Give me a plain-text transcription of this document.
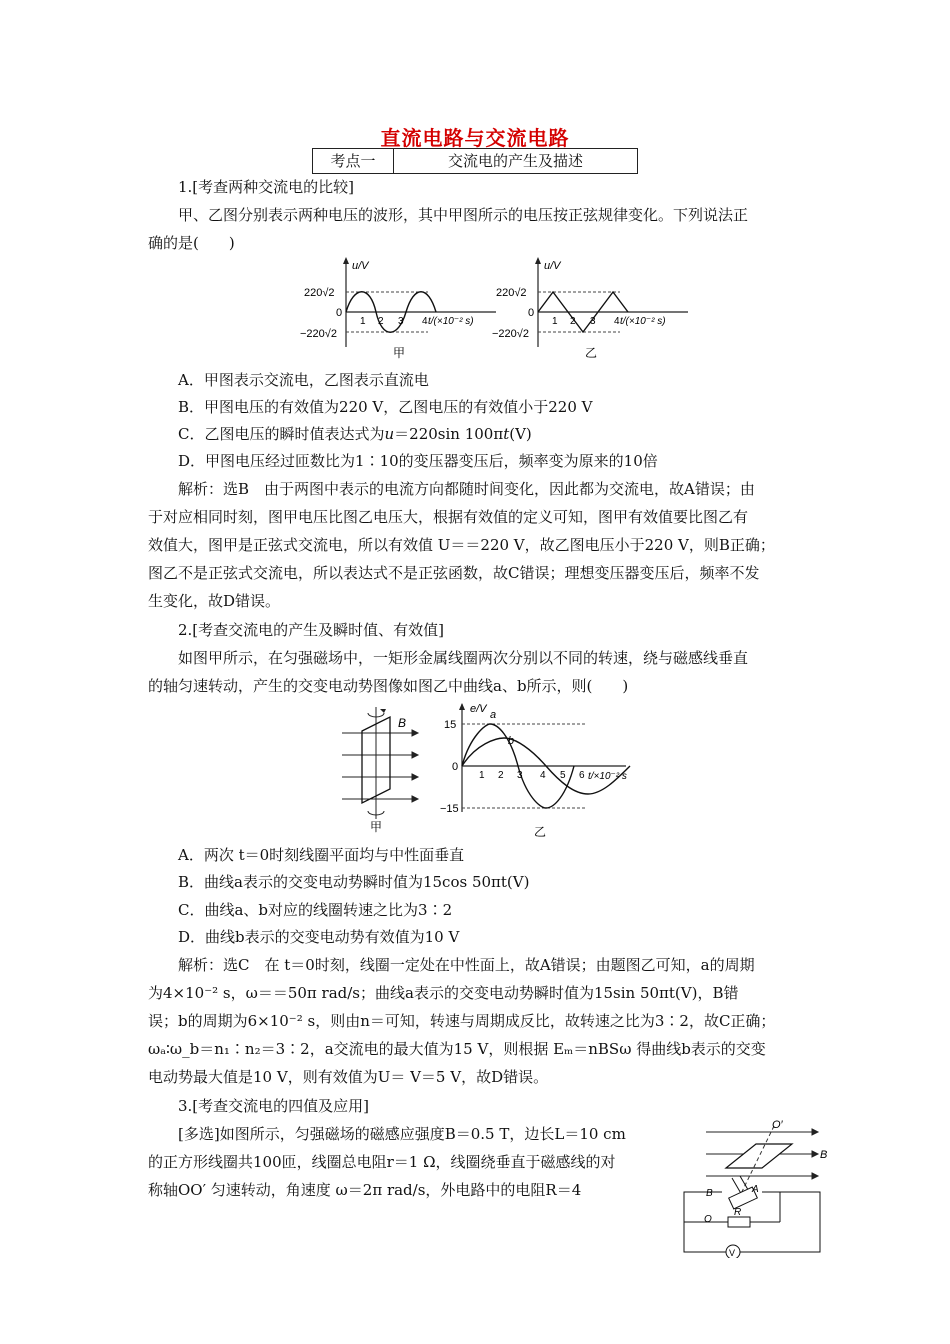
直流电路与交流电路
考点一	交流电的产生及描述
1.[考查两种交流电的比较]
甲、乙图分别表示两种电压的波形，其中甲图所示的电压按正弦规律变化。下列说法正
确的是(　　)
u/V
220√2
0
−220√2
1 2 3 4 t/(×10⁻² s)
甲
u/V
220√2
0
−220√2
1 2 3 4 t/(×10⁻² s)
乙
A．甲图表示交流电，乙图表示直流电
B．甲图电压的有效值为220 V，乙图电压的有效值小于220 V
C．乙图电压的瞬时值表达式为u＝220sin 100πt(V)
D．甲图电压经过匝数比为1∶10的变压器变压后，频率变为原来的10倍
解析：选B　由于两图中表示的电流方向都随时间变化，因此都为交流电，故A错误；由
于对应相同时刻，图甲电压比图乙电压大，根据有效值的定义可知，图甲有效值要比图乙有
效值大，图甲是正弦式交流电，所以有效值 U＝＝220 V，故乙图电压小于220 V，则B正确；
图乙不是正弦式交流电，所以表达式不是正弦函数，故C错误；理想变压器变压后，频率不发
生变化，故D错误。
2.[考查交流电的产生及瞬时值、有效值]
如图甲所示，在匀强磁场中，一矩形金属线圈两次分别以不同的转速，绕与磁感线垂直
的轴匀速转动，产生的交变电动势图像如图乙中曲线a、b所示，则(　　)
B
甲
e/V
15
0
−15
a
b
1 2 3 4 5 6 t/×10⁻² s
乙
A．两次 t＝0时刻线圈平面均与中性面垂直
B．曲线a表示的交变电动势瞬时值为15cos 50πt(V)
C．曲线a、b对应的线圈转速之比为3∶2
D．曲线b表示的交变电动势有效值为10 V
解析：选C　在 t＝0时刻，线圈一定处在中性面上，故A错误；由题图乙可知，a的周期
为4×10⁻² s，ω＝＝50π rad/s；曲线a表示的交变电动势瞬时值为15sin 50πt(V)，B错
误；b的周期为6×10⁻² s，则由n＝可知，转速与周期成反比，故转速之比为3∶2，故C正确；
ωₐ∶ω_b＝n₁∶n₂＝3∶2，a交流电的最大值为15 V，则根据 Eₘ＝nBSω 得曲线b表示的交变
电动势最大值是10 V，则有效值为U＝ V＝5 V，故D错误。
3.[考查交流电的四值及应用]
[多选]如图所示，匀强磁场的磁感应强度B＝0.5 T，边长L＝10 cm
的正方形线圈共100匝，线圈总电阻r＝1 Ω，线圈绕垂直于磁感线的对
称轴OO′ 匀速转动，角速度 ω＝2π rad/s，外电路中的电阻R＝4
O′
B
B	A
O
R
V
